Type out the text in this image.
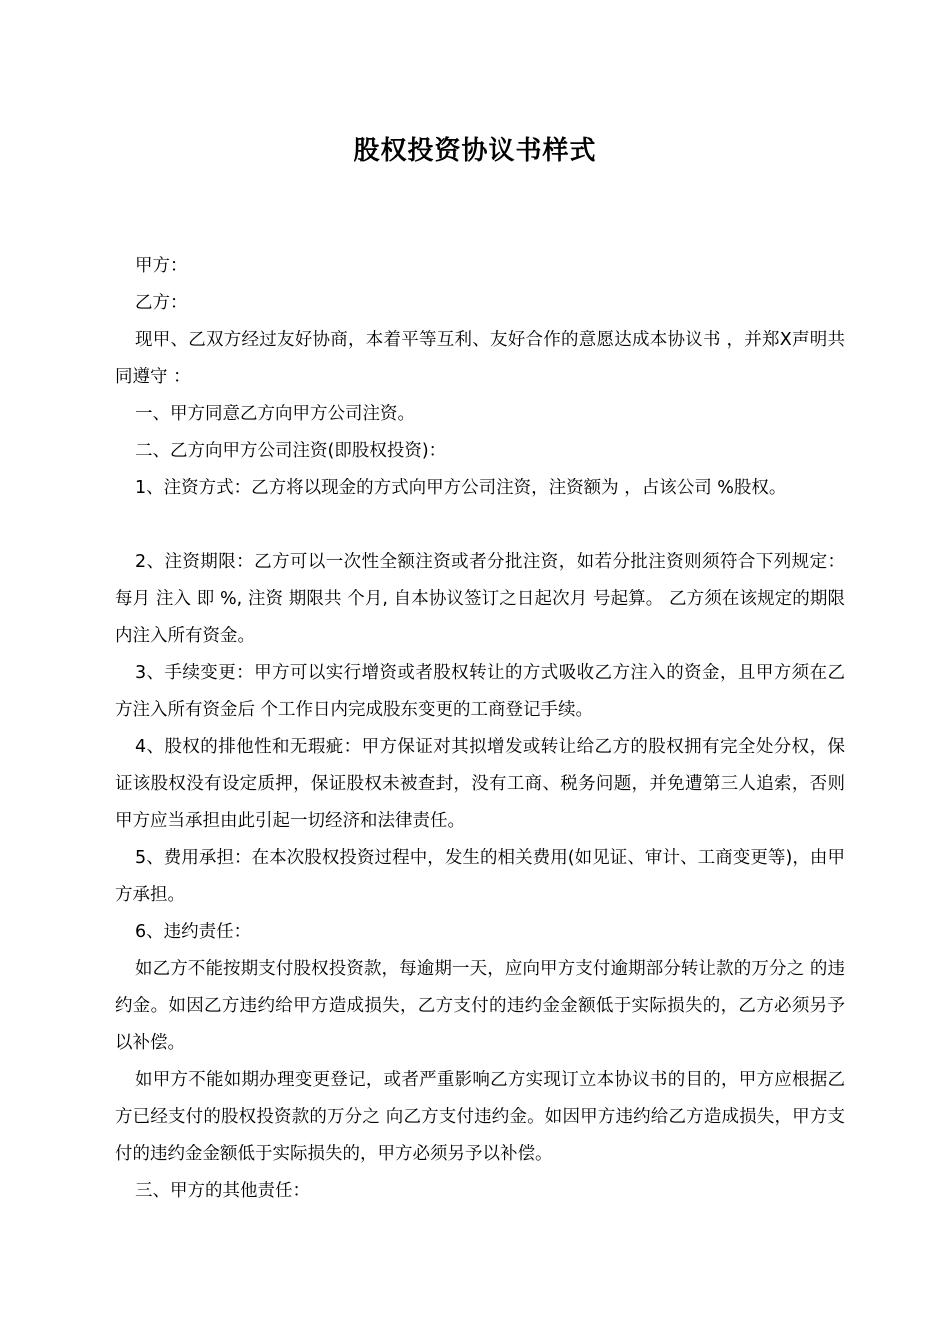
股权投资协议书样式

甲方：

乙方：

现甲、乙双方经过友好协商，本着平等互利、友好合作的意愿达成本协议书 ，并郑X声明共同遵守 ：

一、甲方同意乙方向甲方公司注资。

二、乙方向甲方公司注资(即股权投资)：

1、注资方式：乙方将以现金的方式向甲方公司注资，注资额为 ，占该公司 %股权。

2、注资期限：乙方可以一次性全额注资或者分批注资，如若分批注资则须符合下列规定：每月 注入 即 %, 注资 期限共 个月, 自本协议签订之日起次月 号起算。 乙方须在该规定的期限内注入所有资金。

3、手续变更：甲方可以实行增资或者股权转让的方式吸收乙方注入的资金，且甲方须在乙方注入所有资金后 个工作日内完成股东变更的工商登记手续。

4、股权的排他性和无瑕疵：甲方保证对其拟增发或转让给乙方的股权拥有完全处分权，保证该股权没有设定质押，保证股权未被查封，没有工商、税务问题，并免遭第三人追索，否则甲方应当承担由此引起一切经济和法律责任。

5、费用承担：在本次股权投资过程中，发生的相关费用(如见证、审计、工商变更等)，由甲方承担。

6、违约责任：

如乙方不能按期支付股权投资款，每逾期一天，应向甲方支付逾期部分转让款的万分之 的违约金。如因乙方违约给甲方造成损失，乙方支付的违约金金额低于实际损失的，乙方必须另予以补偿。

如甲方不能如期办理变更登记，或者严重影响乙方实现订立本协议书的目的，甲方应根据乙方已经支付的股权投资款的万分之 向乙方支付违约金。如因甲方违约给乙方造成损失，甲方支付的违约金金额低于实际损失的，甲方必须另予以补偿。

三、甲方的其他责任：
